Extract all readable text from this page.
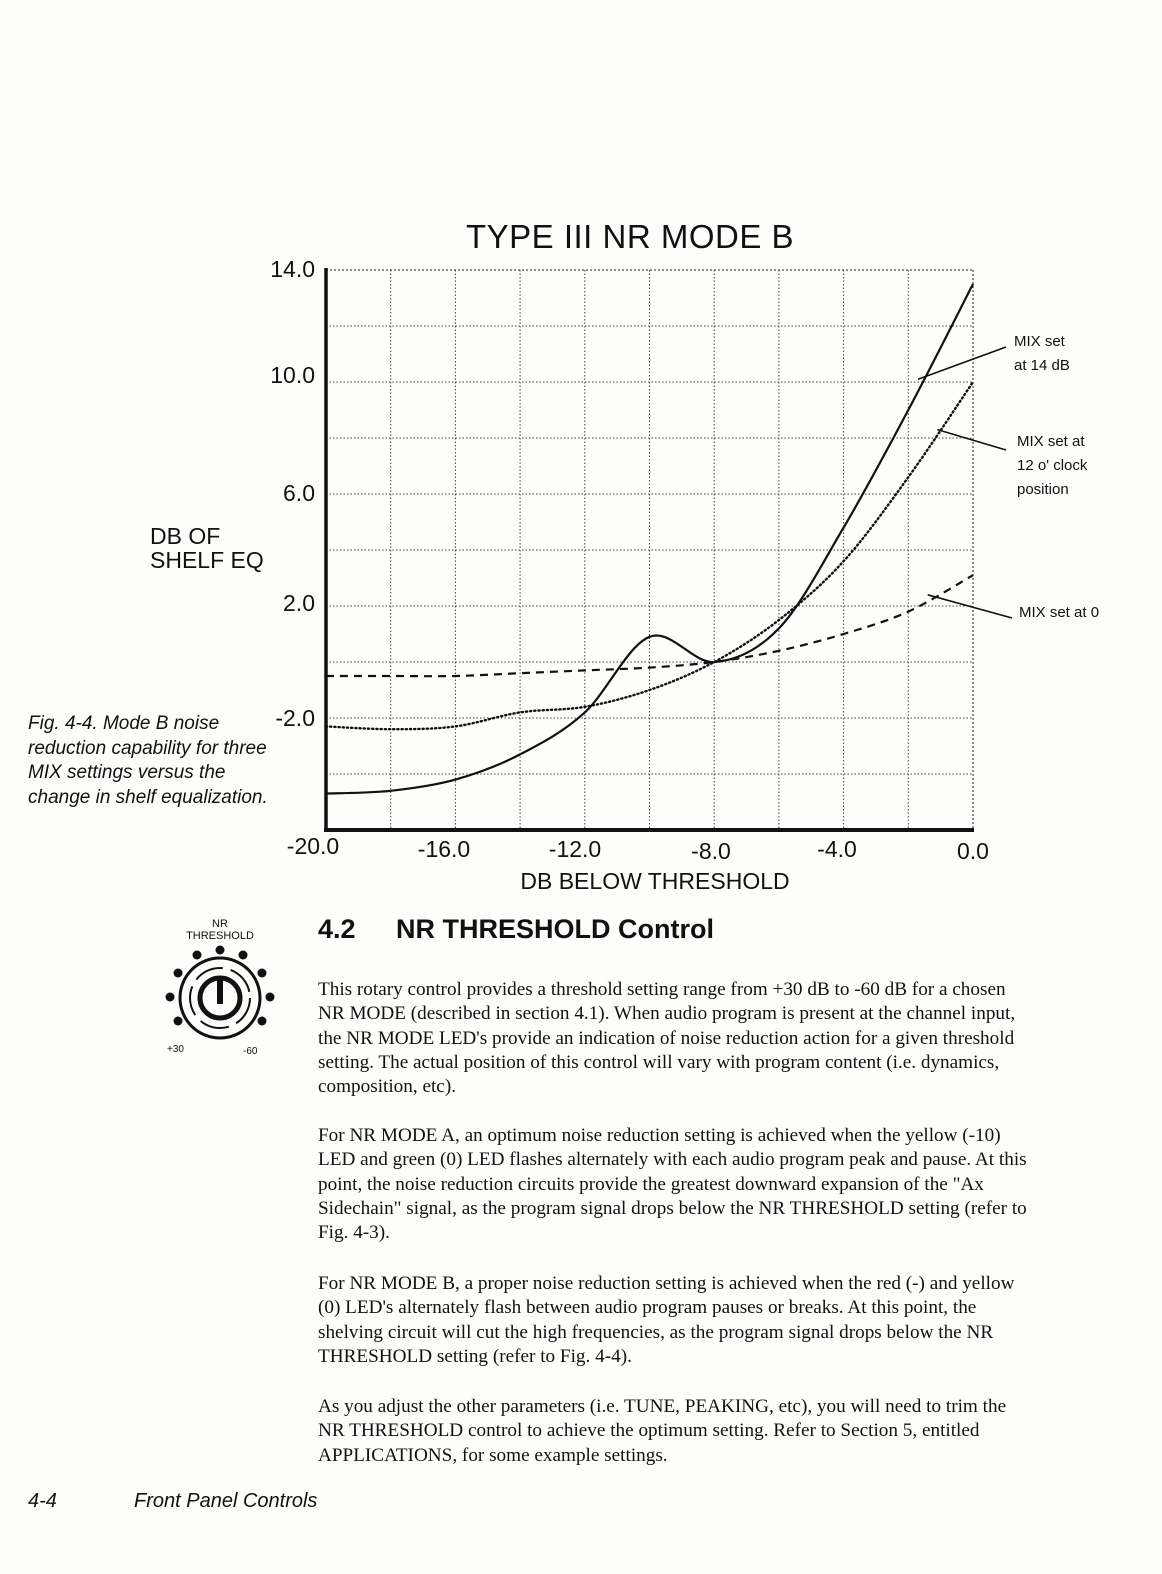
TYPE III NR MODE B
14.0
10.0
6.0
2.0
-2.0
-20.0	-16.0	-12.0	-8.0	-4.0	0.0
DB OF SHELF EQ
DB BELOW THRESHOLD
MIX set
at 14 dB
MIX set at
12 o' clock
position
MIX set at 0
Fig. 4-4. Mode B noise reduction capability for three MIX settings versus the change in shelf equalization.
NR
THRESHOLD
+30	-60
4.2 NR THRESHOLD Control

This rotary control provides a threshold setting range from +30 dB to -60 dB for a chosen NR MODE (described in section 4.1). When audio program is present at the channel input, the NR MODE LED's provide an indication of noise reduction action for a given threshold setting. The actual position of this control will vary with program content (i.e. dynamics, composition, etc).

For NR MODE A, an optimum noise reduction setting is achieved when the yellow (-10) LED and green (0) LED flashes alternately with each audio program peak and pause. At this point, the noise reduction circuits provide the greatest downward expansion of the "Ax Sidechain" signal, as the program signal drops below the NR THRESHOLD setting (refer to Fig. 4-3).

For NR MODE B, a proper noise reduction setting is achieved when the red (-) and yellow (0) LED's alternately flash between audio program pauses or breaks. At this point, the shelving circuit will cut the high frequencies, as the program signal drops below the NR THRESHOLD setting (refer to Fig. 4-4).

As you adjust the other parameters (i.e. TUNE, PEAKING, etc), you will need to trim the NR THRESHOLD control to achieve the optimum setting. Refer to Section 5, entitled APPLICATIONS, for some example settings.

4-4	Front Panel Controls
